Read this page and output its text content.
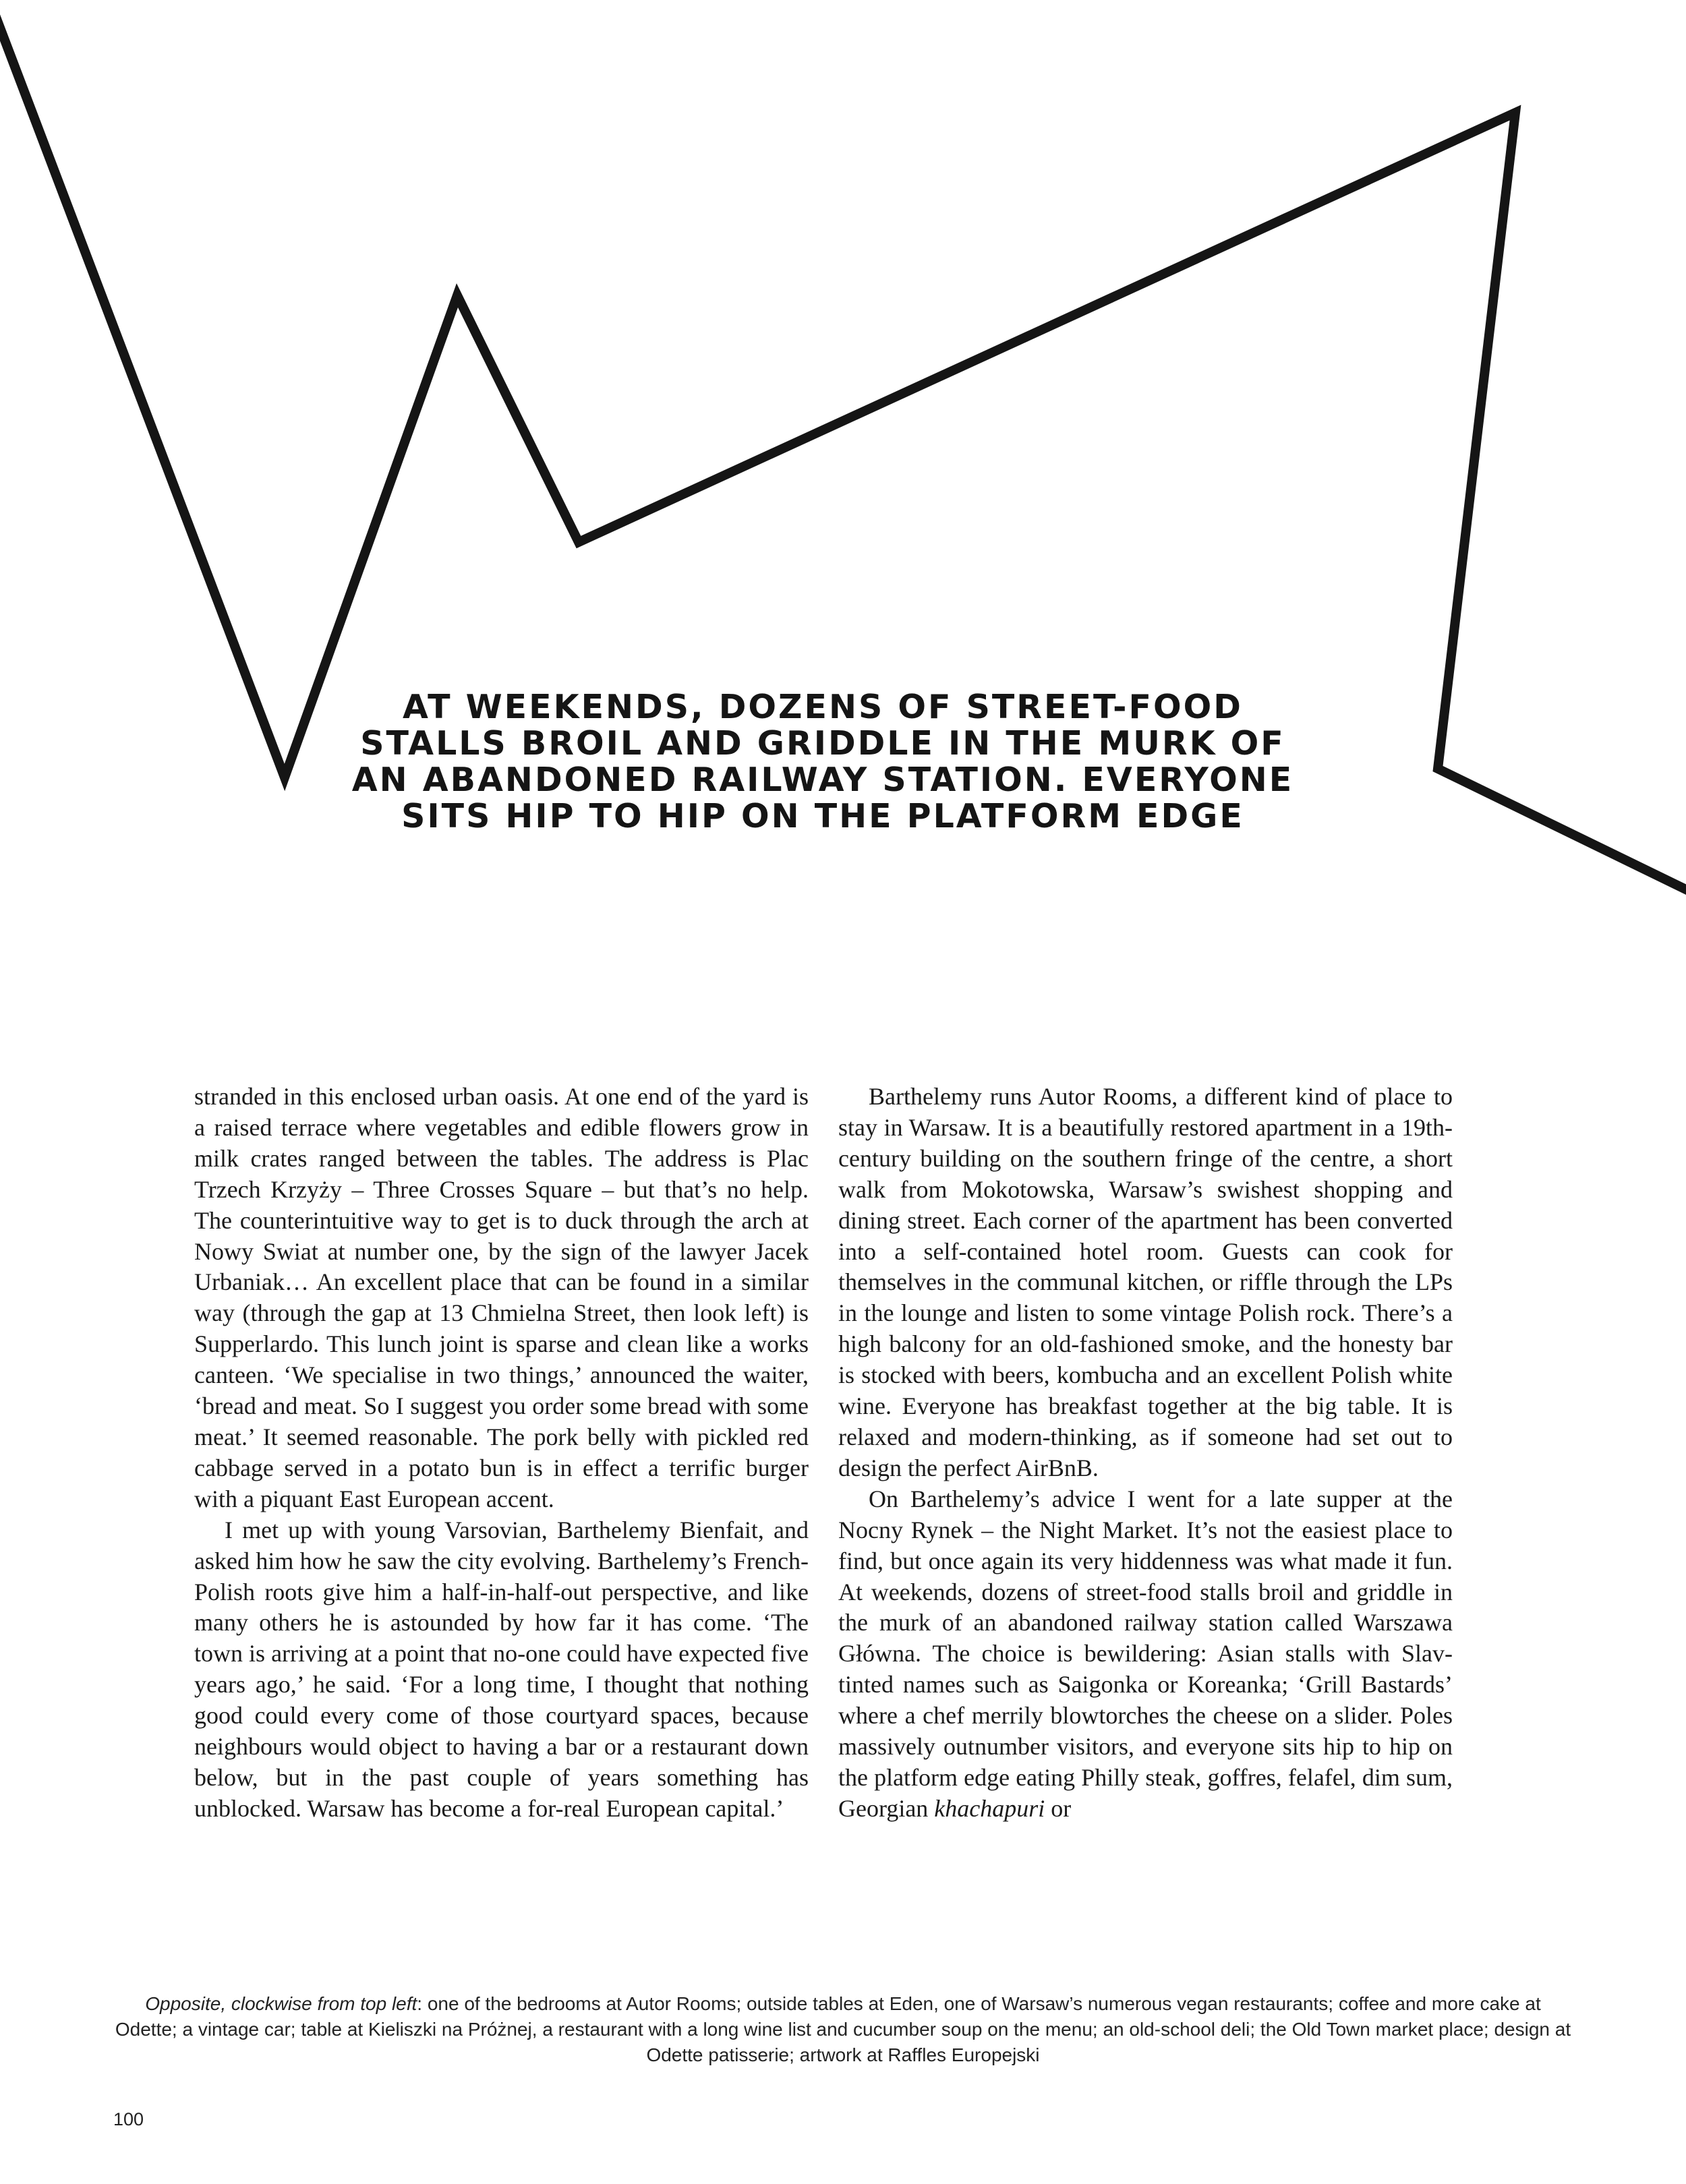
AT WEEKENDS, DOZENS OF STREET-FOOD
STALLS BROIL AND GRIDDLE IN THE MURK OF
AN ABANDONED RAILWAY STATION. EVERYONE
SITS HIP TO HIP ON THE PLATFORM EDGE

stranded in this enclosed urban oasis. At one end of the yard is a raised terrace where vegetables and edible flowers grow in milk crates ranged between the tables. The address is Plac Trzech Krzyży – Three Crosses Square – but that’s no help. The counterintuitive way to get is to duck through the arch at Nowy Swiat at number one, by the sign of the lawyer Jacek Urbaniak… An excellent place that can be found in a similar way (through the gap at 13 Chmielna Street, then look left) is Supperlardo. This lunch joint is sparse and clean like a works canteen. ‘We specialise in two things,’ announced the waiter, ‘bread and meat. So I suggest you order some bread with some meat.’ It seemed reasonable. The pork belly with pickled red cabbage served in a potato bun is in effect a terrific burger with a piquant East European accent.

I met up with young Varsovian, Barthelemy Bienfait, and asked him how he saw the city evolving. Barthelemy’s French-Polish roots give him a half-in-half-out perspective, and like many others he is astounded by how far it has come. ‘The town is arriving at a point that no-one could have expected five years ago,’ he said. ‘For a long time, I thought that nothing good could every come of those courtyard spaces, because neighbours would object to having a bar or a restaurant down below, but in the past couple of years something has unblocked. Warsaw has become a for-real European capital.’

Barthelemy runs Autor Rooms, a different kind of place to stay in Warsaw. It is a beautifully restored apartment in a 19th-century building on the southern fringe of the centre, a short walk from Mokotowska, Warsaw’s swishest shopping and dining street. Each corner of the apartment has been converted into a self-contained hotel room. Guests can cook for themselves in the communal kitchen, or riffle through the LPs in the lounge and listen to some vintage Polish rock. There’s a high balcony for an old-fashioned smoke, and the honesty bar is stocked with beers, kombucha and an excellent Polish white wine. Everyone has breakfast together at the big table. It is relaxed and modern-thinking, as if someone had set out to design the perfect AirBnB.

On Barthelemy’s advice I went for a late supper at the Nocny Rynek – the Night Market. It’s not the easiest place to find, but once again its very hiddenness was what made it fun. At weekends, dozens of street-food stalls broil and griddle in the murk of an abandoned railway station called Warszawa Główna. The choice is bewildering: Asian stalls with Slav-tinted names such as Saigonka or Koreanka; ‘Grill Bastards’ where a chef merrily blowtorches the cheese on a slider. Poles massively outnumber visitors, and everyone sits hip to hip on the platform edge eating Philly steak, goffres, felafel, dim sum, Georgian khachapuri or

Opposite, clockwise from top left: one of the bedrooms at Autor Rooms; outside tables at Eden, one of Warsaw’s numerous vegan restaurants; coffee and more cake at Odette; a vintage car; table at Kieliszki na Próżnej, a restaurant with a long wine list and cucumber soup on the menu; an old-school deli; the Old Town market place; design at Odette patisserie; artwork at Raffles Europejski

100
